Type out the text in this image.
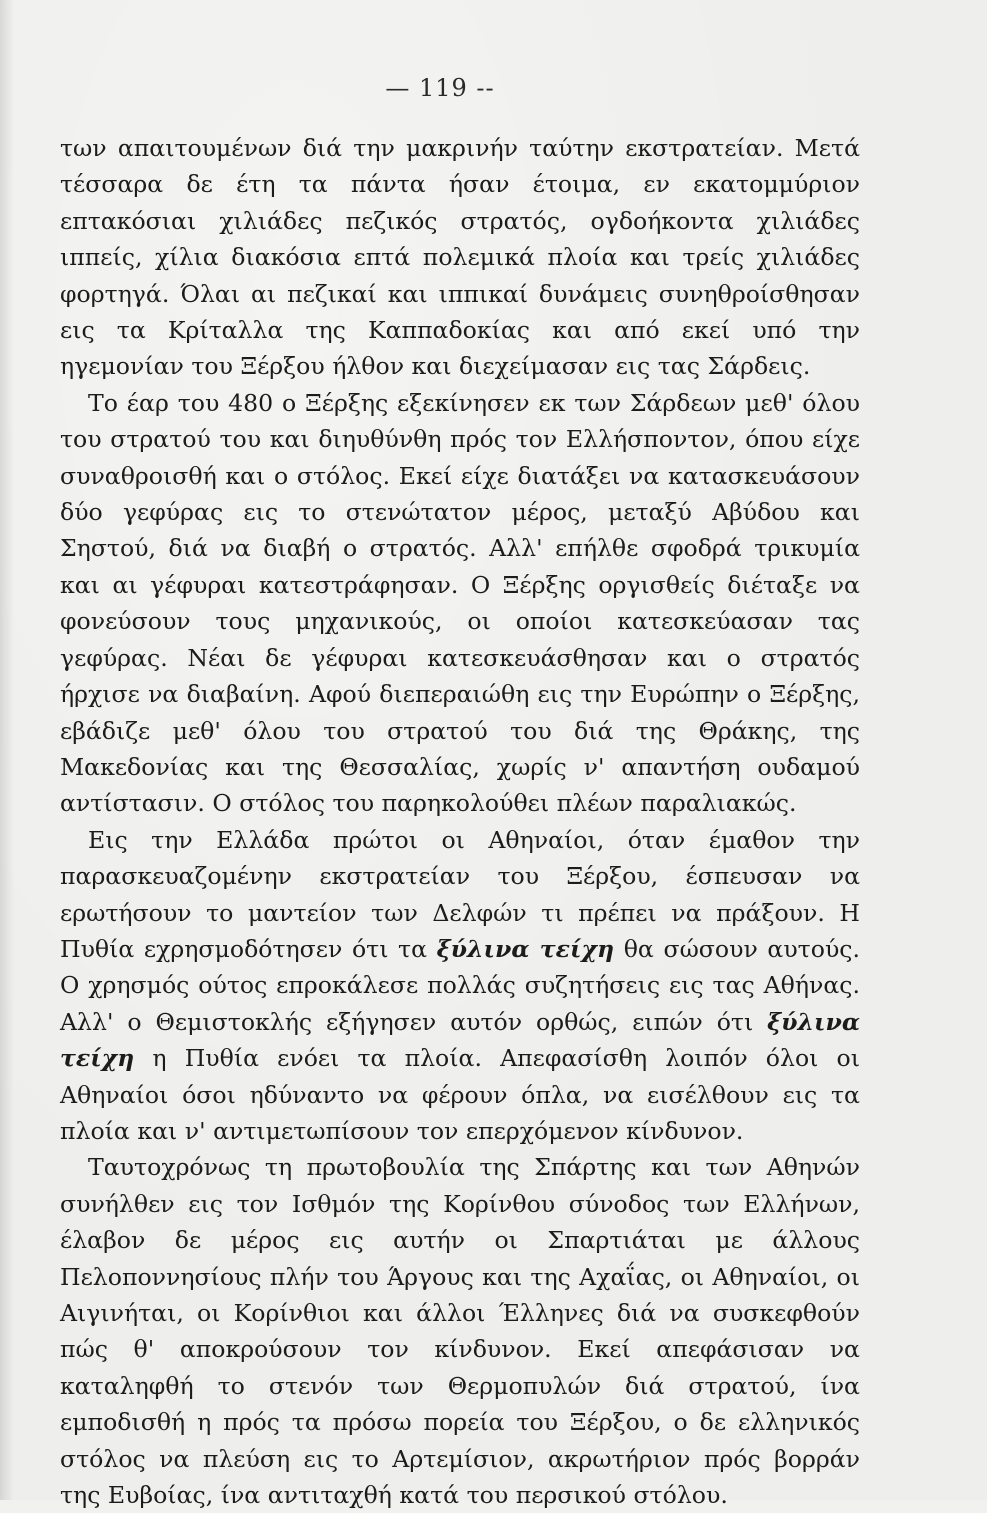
— 119 --

των απαιτουμένων διά την μακρινήν ταύτην εκστρατείαν. Μετά τέσσαρα δε έτη τα πάντα ήσαν έτοιμα, εν εκατομμύριον επτακόσιαι χιλιάδες πεζικός στρατός, ογδοήκοντα χιλιάδες ιππείς, χίλια διακόσια επτά πολεμικά πλοία και τρείς χιλιάδες φορτηγά. Όλαι αι πεζικαί και ιππικαί δυνάμεις συνηθροίσθησαν εις τα Κρίταλλα της Καππαδοκίας και από εκεί υπό την ηγεμονίαν του Ξέρξου ήλθον και διεχείμασαν εις τας Σάρδεις.

Το έαρ του 480 ο Ξέρξης εξεκίνησεν εκ των Σάρδεων μεθ' όλου του στρατού του και διηυθύνθη πρός τον Ελλήσποντον, όπου είχε συναθροισθή και ο στόλος. Εκεί είχε διατάξει να κατασκευάσουν δύο γεφύρας εις το στενώτατον μέρος, μεταξύ Αβύδου και Σηστού, διά να διαβή ο στρατός. Αλλ' επήλθε σφοδρά τρικυμία και αι γέφυραι κατεστράφησαν. Ο Ξέρξης οργισθείς διέταξε να φονεύσουν τους μηχανικούς, οι οποίοι κατεσκεύασαν τας γεφύρας. Νέαι δε γέφυραι κατεσκευάσθησαν και ο στρατός ήρχισε να διαβαίνη. Αφού διεπεραιώθη εις την Ευρώπην ο Ξέρξης, εβάδιζε μεθ' όλου του στρατού του διά της Θράκης, της Μακεδονίας και της Θεσσαλίας, χωρίς ν' απαντήση ουδαμού αντίστασιν. Ο στόλος του παρηκολούθει πλέων παραλιακώς.

Εις την Ελλάδα πρώτοι οι Αθηναίοι, όταν έμαθον την παρασκευαζομένην εκστρατείαν του Ξέρξου, έσπευσαν να ερωτήσουν το μαντείον των Δελφών τι πρέπει να πράξουν. Η Πυθία εχρησμοδότησεν ότι τα ξύλινα τείχη θα σώσουν αυτούς. Ο χρησμός ούτος επροκάλεσε πολλάς συζητήσεις εις τας Αθήνας. Αλλ' ο Θεμιστοκλής εξήγησεν αυτόν ορθώς, ειπών ότι ξύλινα τείχη η Πυθία ενόει τα πλοία. Απεφασίσθη λοιπόν όλοι οι Αθηναίοι όσοι ηδύναντο να φέρουν όπλα, να εισέλθουν εις τα πλοία και ν' αντιμετωπίσουν τον επερχόμενον κίνδυνον.

Ταυτοχρόνως τη πρωτοβουλία της Σπάρτης και των Αθηνών συνήλθεν εις τον Ισθμόν της Κορίνθου σύνοδος των Ελλήνων, έλαβον δε μέρος εις αυτήν οι Σπαρτιάται με άλλους Πελοποννησίους πλήν του Άργους και της Αχαΐας, οι Αθηναίοι, οι Αιγινήται, οι Κορίνθιοι και άλλοι Έλληνες διά να συσκεφθούν πώς θ' αποκρούσουν τον κίνδυνον. Εκεί απεφάσισαν να καταληφθή το στενόν των Θερμοπυλών διά στρατού, ίνα εμποδισθή η πρός τα πρόσω πορεία του Ξέρξου, ο δε ελληνικός στόλος να πλεύση εις το Αρτεμίσιον, ακρωτήριον πρός βορράν της Ευβοίας, ίνα αντιταχθή κατά του περσικού στόλου.
